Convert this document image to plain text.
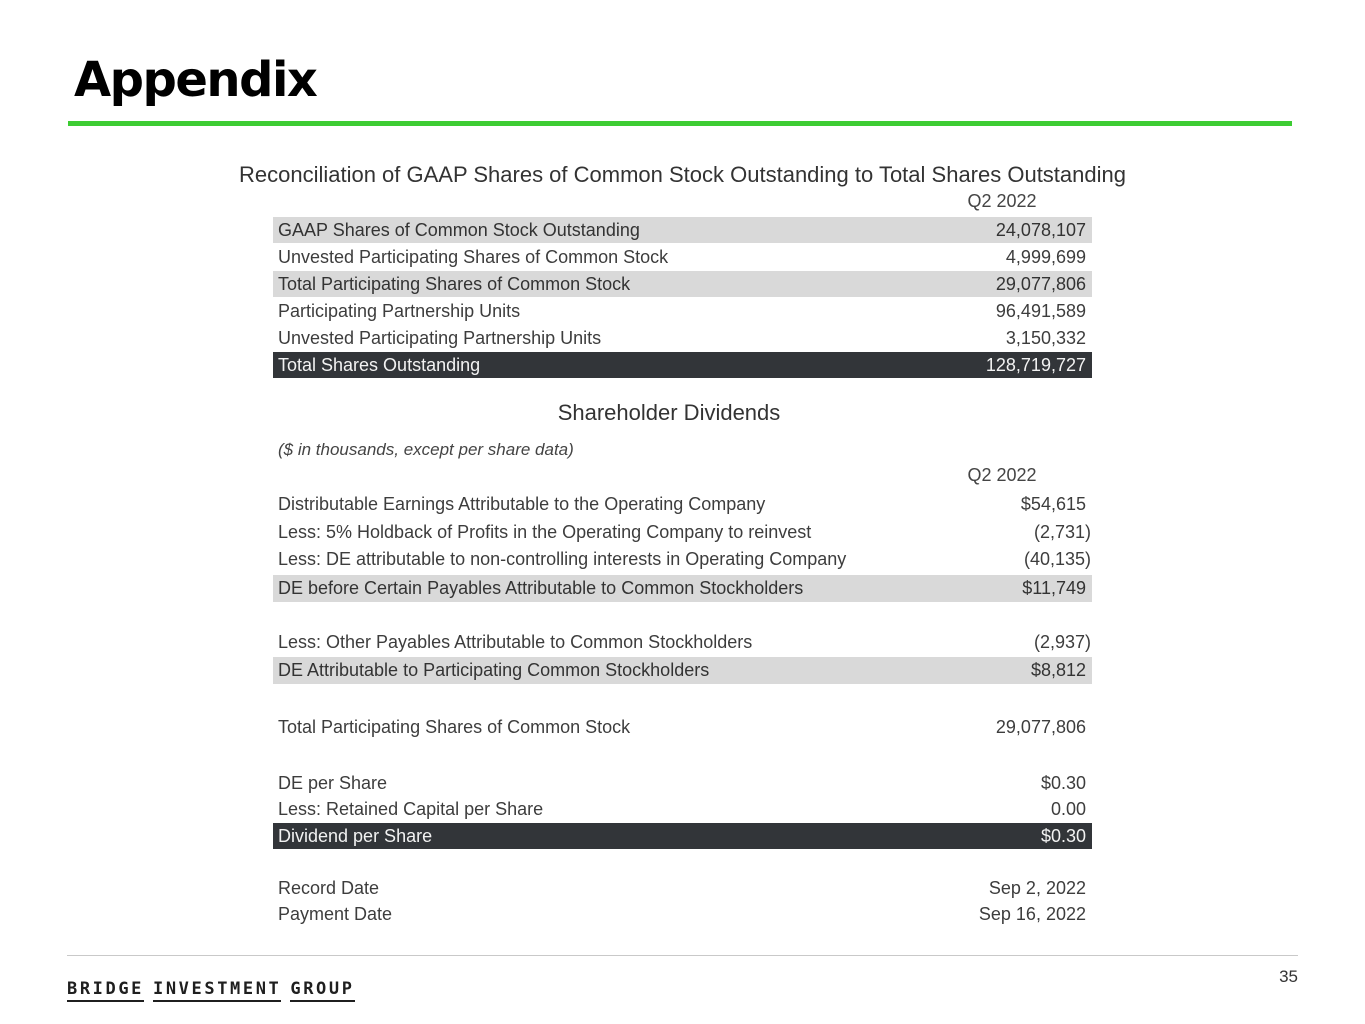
Appendix
Reconciliation of GAAP Shares of Common Stock Outstanding to Total Shares Outstanding
Q2 2022
GAAP Shares of Common Stock Outstanding	24,078,107
Unvested Participating Shares of Common Stock	4,999,699
Total Participating Shares of Common Stock	29,077,806
Participating Partnership Units	96,491,589
Unvested Participating Partnership Units	3,150,332
Total Shares Outstanding	128,719,727
Shareholder Dividends
($ in thousands, except per share data)
Q2 2022
Distributable Earnings Attributable to the Operating Company	$54,615
Less: 5% Holdback of Profits in the Operating Company to reinvest	(2,731)
Less: DE attributable to non-controlling interests in Operating Company	(40,135)
DE before Certain Payables Attributable to Common Stockholders	$11,749
Less: Other Payables Attributable to Common Stockholders	(2,937)
DE Attributable to Participating Common Stockholders	$8,812
Total Participating Shares of Common Stock	29,077,806
DE per Share	$0.30
Less: Retained Capital per Share	0.00
Dividend per Share	$0.30
Record Date	Sep 2, 2022
Payment Date	Sep 16, 2022
BRIDGE INVESTMENT GROUP
35
